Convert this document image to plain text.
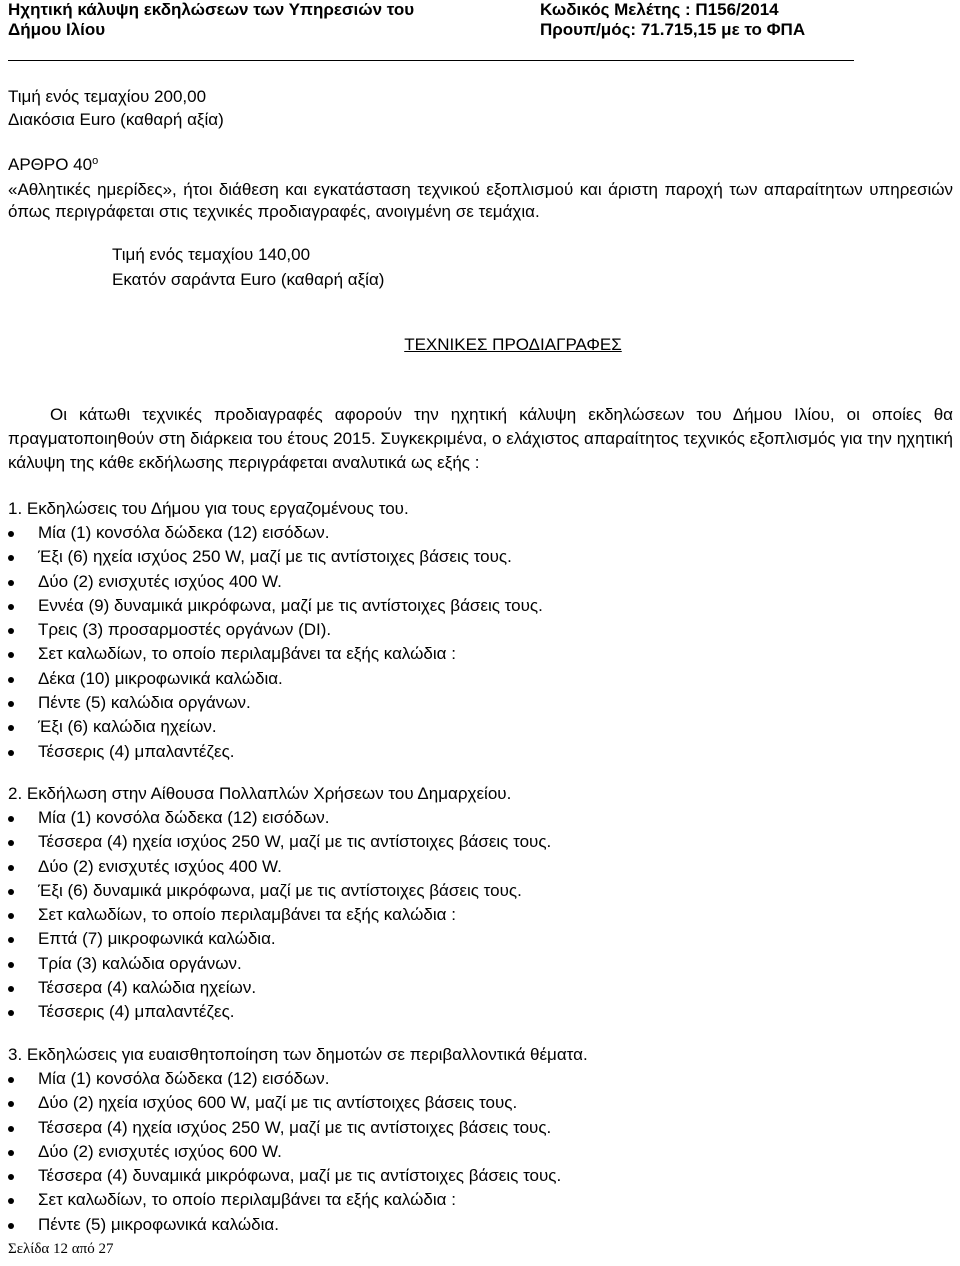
Ηχητική κάλυψη εκδηλώσεων των Υπηρεσιών του
Δήμου Ιλίου
Κωδικός Μελέτης : Π156/2014
Προυπ/μός: 71.715,15 με το ΦΠΑ
Τιμή ενός τεμαχίου 200,00
Διακόσια Euro (καθαρή αξία)
ΑΡΘΡΟ $40^o$
«Αθλητικές ημερίδες», ήτοι διάθεση και εγκατάσταση τεχνικού εξοπλισμού και άριστη παροχή των απαραίτητων υπηρεσιών όπως περιγράφεται στις τεχνικές προδιαγραφές, ανοιγμένη σε τεμάχια.
Τιμή ενός τεμαχίου 140,00
Εκατόν σαράντα Euro (καθαρή αξία)
ΤΕΧΝΙΚΕΣ ΠΡΟΔΙΑΓΡΑΦΕΣ
Οι κάτωθι τεχνικές προδιαγραφές αφορούν την ηχητική κάλυψη εκδηλώσεων του Δήμου Ιλίου, οι οποίες θα πραγματοποιηθούν στη διάρκεια του έτους 2015. Συγκεκριμένα, ο ελάχιστος απαραίτητος τεχνικός εξοπλισμός για την ηχητική κάλυψη της κάθε εκδήλωσης περιγράφεται αναλυτικά ως εξής :
1. Εκδηλώσεις του Δήμου για τους εργαζομένους του.
Μία (1) κονσόλα δώδεκα (12) εισόδων.
Έξι (6) ηχεία ισχύος 250 W, μαζί με τις αντίστοιχες βάσεις τους.
Δύο (2) ενισχυτές ισχύος 400 W.
Εννέα (9) δυναμικά μικρόφωνα, μαζί με τις αντίστοιχες βάσεις τους.
Τρεις (3) προσαρμοστές οργάνων (DI).
Σετ καλωδίων, το οποίο περιλαμβάνει τα εξής καλώδια :
Δέκα (10) μικροφωνικά καλώδια.
Πέντε (5) καλώδια οργάνων.
Έξι (6) καλώδια ηχείων.
Τέσσερις (4) μπαλαντέζες.
2. Εκδήλωση στην Αίθουσα Πολλαπλών Χρήσεων του Δημαρχείου.
Μία (1) κονσόλα δώδεκα (12) εισόδων.
Τέσσερα (4) ηχεία ισχύος 250 W, μαζί με τις αντίστοιχες βάσεις τους.
Δύο (2) ενισχυτές ισχύος 400 W.
Έξι (6) δυναμικά μικρόφωνα, μαζί με τις αντίστοιχες βάσεις τους.
Σετ καλωδίων, το οποίο περιλαμβάνει τα εξής καλώδια :
Επτά (7) μικροφωνικά καλώδια.
Τρία (3) καλώδια οργάνων.
Τέσσερα (4) καλώδια ηχείων.
Τέσσερις (4) μπαλαντέζες.
3. Εκδηλώσεις για ευαισθητοποίηση των δημοτών σε περιβαλλοντικά θέματα.
Μία (1) κονσόλα δώδεκα (12) εισόδων.
Δύο (2) ηχεία ισχύος 600 W, μαζί με τις αντίστοιχες βάσεις τους.
Τέσσερα (4) ηχεία ισχύος 250 W, μαζί με τις αντίστοιχες βάσεις τους.
Δύο (2) ενισχυτές ισχύος 600 W.
Τέσσερα (4) δυναμικά μικρόφωνα, μαζί με τις αντίστοιχες βάσεις τους.
Σετ καλωδίων, το οποίο περιλαμβάνει τα εξής καλώδια :
Πέντε (5) μικροφωνικά καλώδια.
Σελίδα 12 από 27
